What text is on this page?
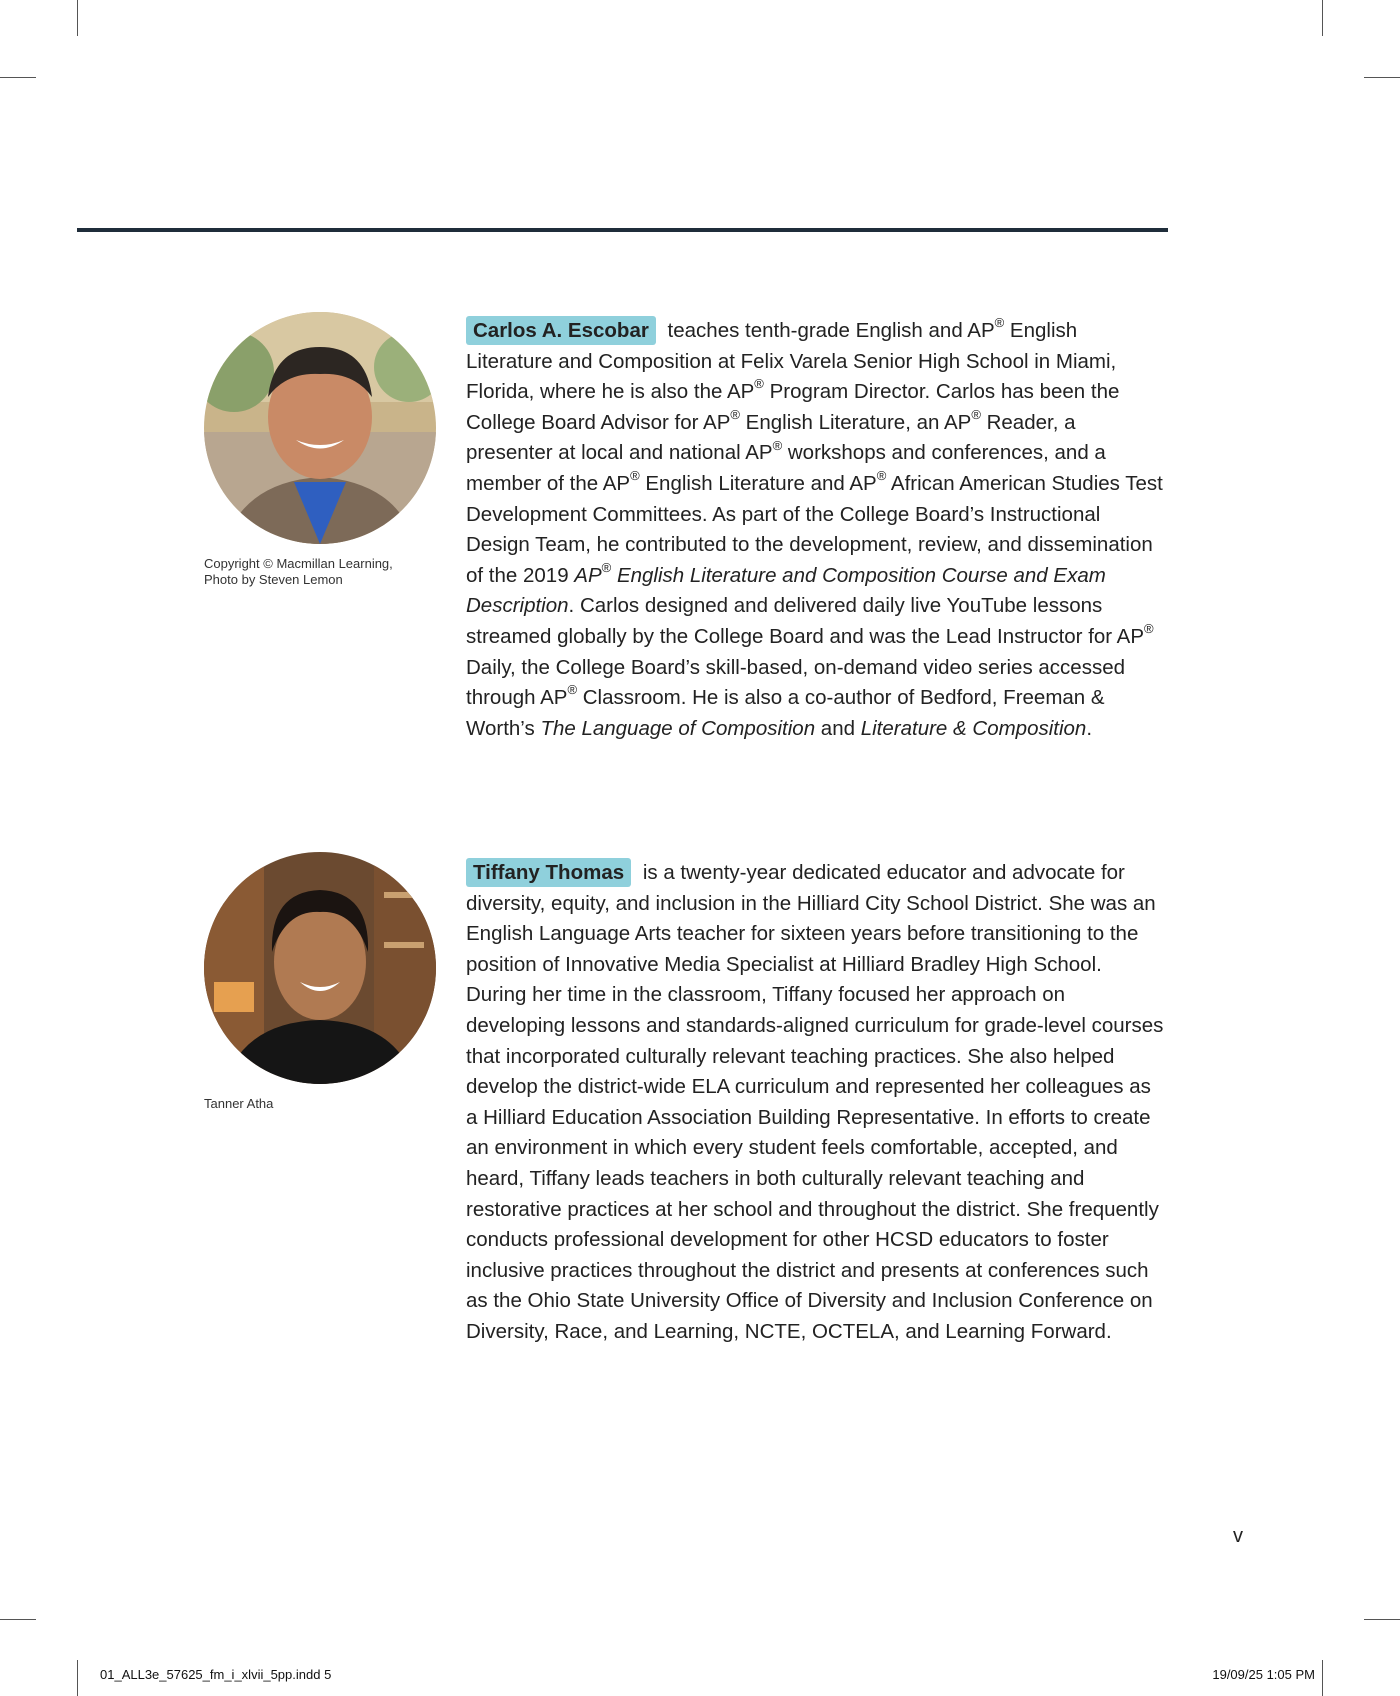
Copyright © Macmillan Learning,
Photo by Steven Lemon

Carlos A. Escobar teaches tenth-grade English and AP® English Literature and Composition at Felix Varela Senior High School in Miami, Florida, where he is also the AP® Program Director. Carlos has been the College Board Advisor for AP® English Literature, an AP® Reader, a presenter at local and national AP® workshops and conferences, and a member of the AP® English Literature and AP® African American Studies Test Development Committees. As part of the College Board’s Instructional Design Team, he contributed to the development, review, and dissemination of the 2019 AP® English Literature and Composition Course and Exam Description. Carlos designed and delivered daily live YouTube lessons streamed globally by the College Board and was the Lead Instructor for AP® Daily, the College Board’s skill-based, on-demand video series accessed through AP® Classroom. He is also a co-author of Bedford, Freeman & Worth’s The Language of Composition and Literature & Composition.

Tanner Atha

Tiffany Thomas is a twenty-year dedicated educator and advocate for diversity, equity, and inclusion in the Hilliard City School District. She was an English Language Arts teacher for sixteen years before transitioning to the position of Innovative Media Specialist at Hilliard Bradley High School. During her time in the classroom, Tiffany focused her approach on developing lessons and standards-aligned curriculum for grade-level courses that incorporated culturally relevant teaching practices. She also helped develop the district-wide ELA curriculum and represented her colleagues as a Hilliard Education Association Building Representative. In efforts to create an environment in which every student feels comfortable, accepted, and heard, Tiffany leads teachers in both culturally relevant teaching and restorative practices at her school and throughout the district. She frequently conducts professional development for other HCSD educators to foster inclusive practices throughout the district and presents at conferences such as the Ohio State University Office of Diversity and Inclusion Conference on Diversity, Race, and Learning, NCTE, OCTELA, and Learning Forward.

v
01_ALL3e_57625_fm_i_xlvii_5pp.indd 5	19/09/25 1:05 PM
